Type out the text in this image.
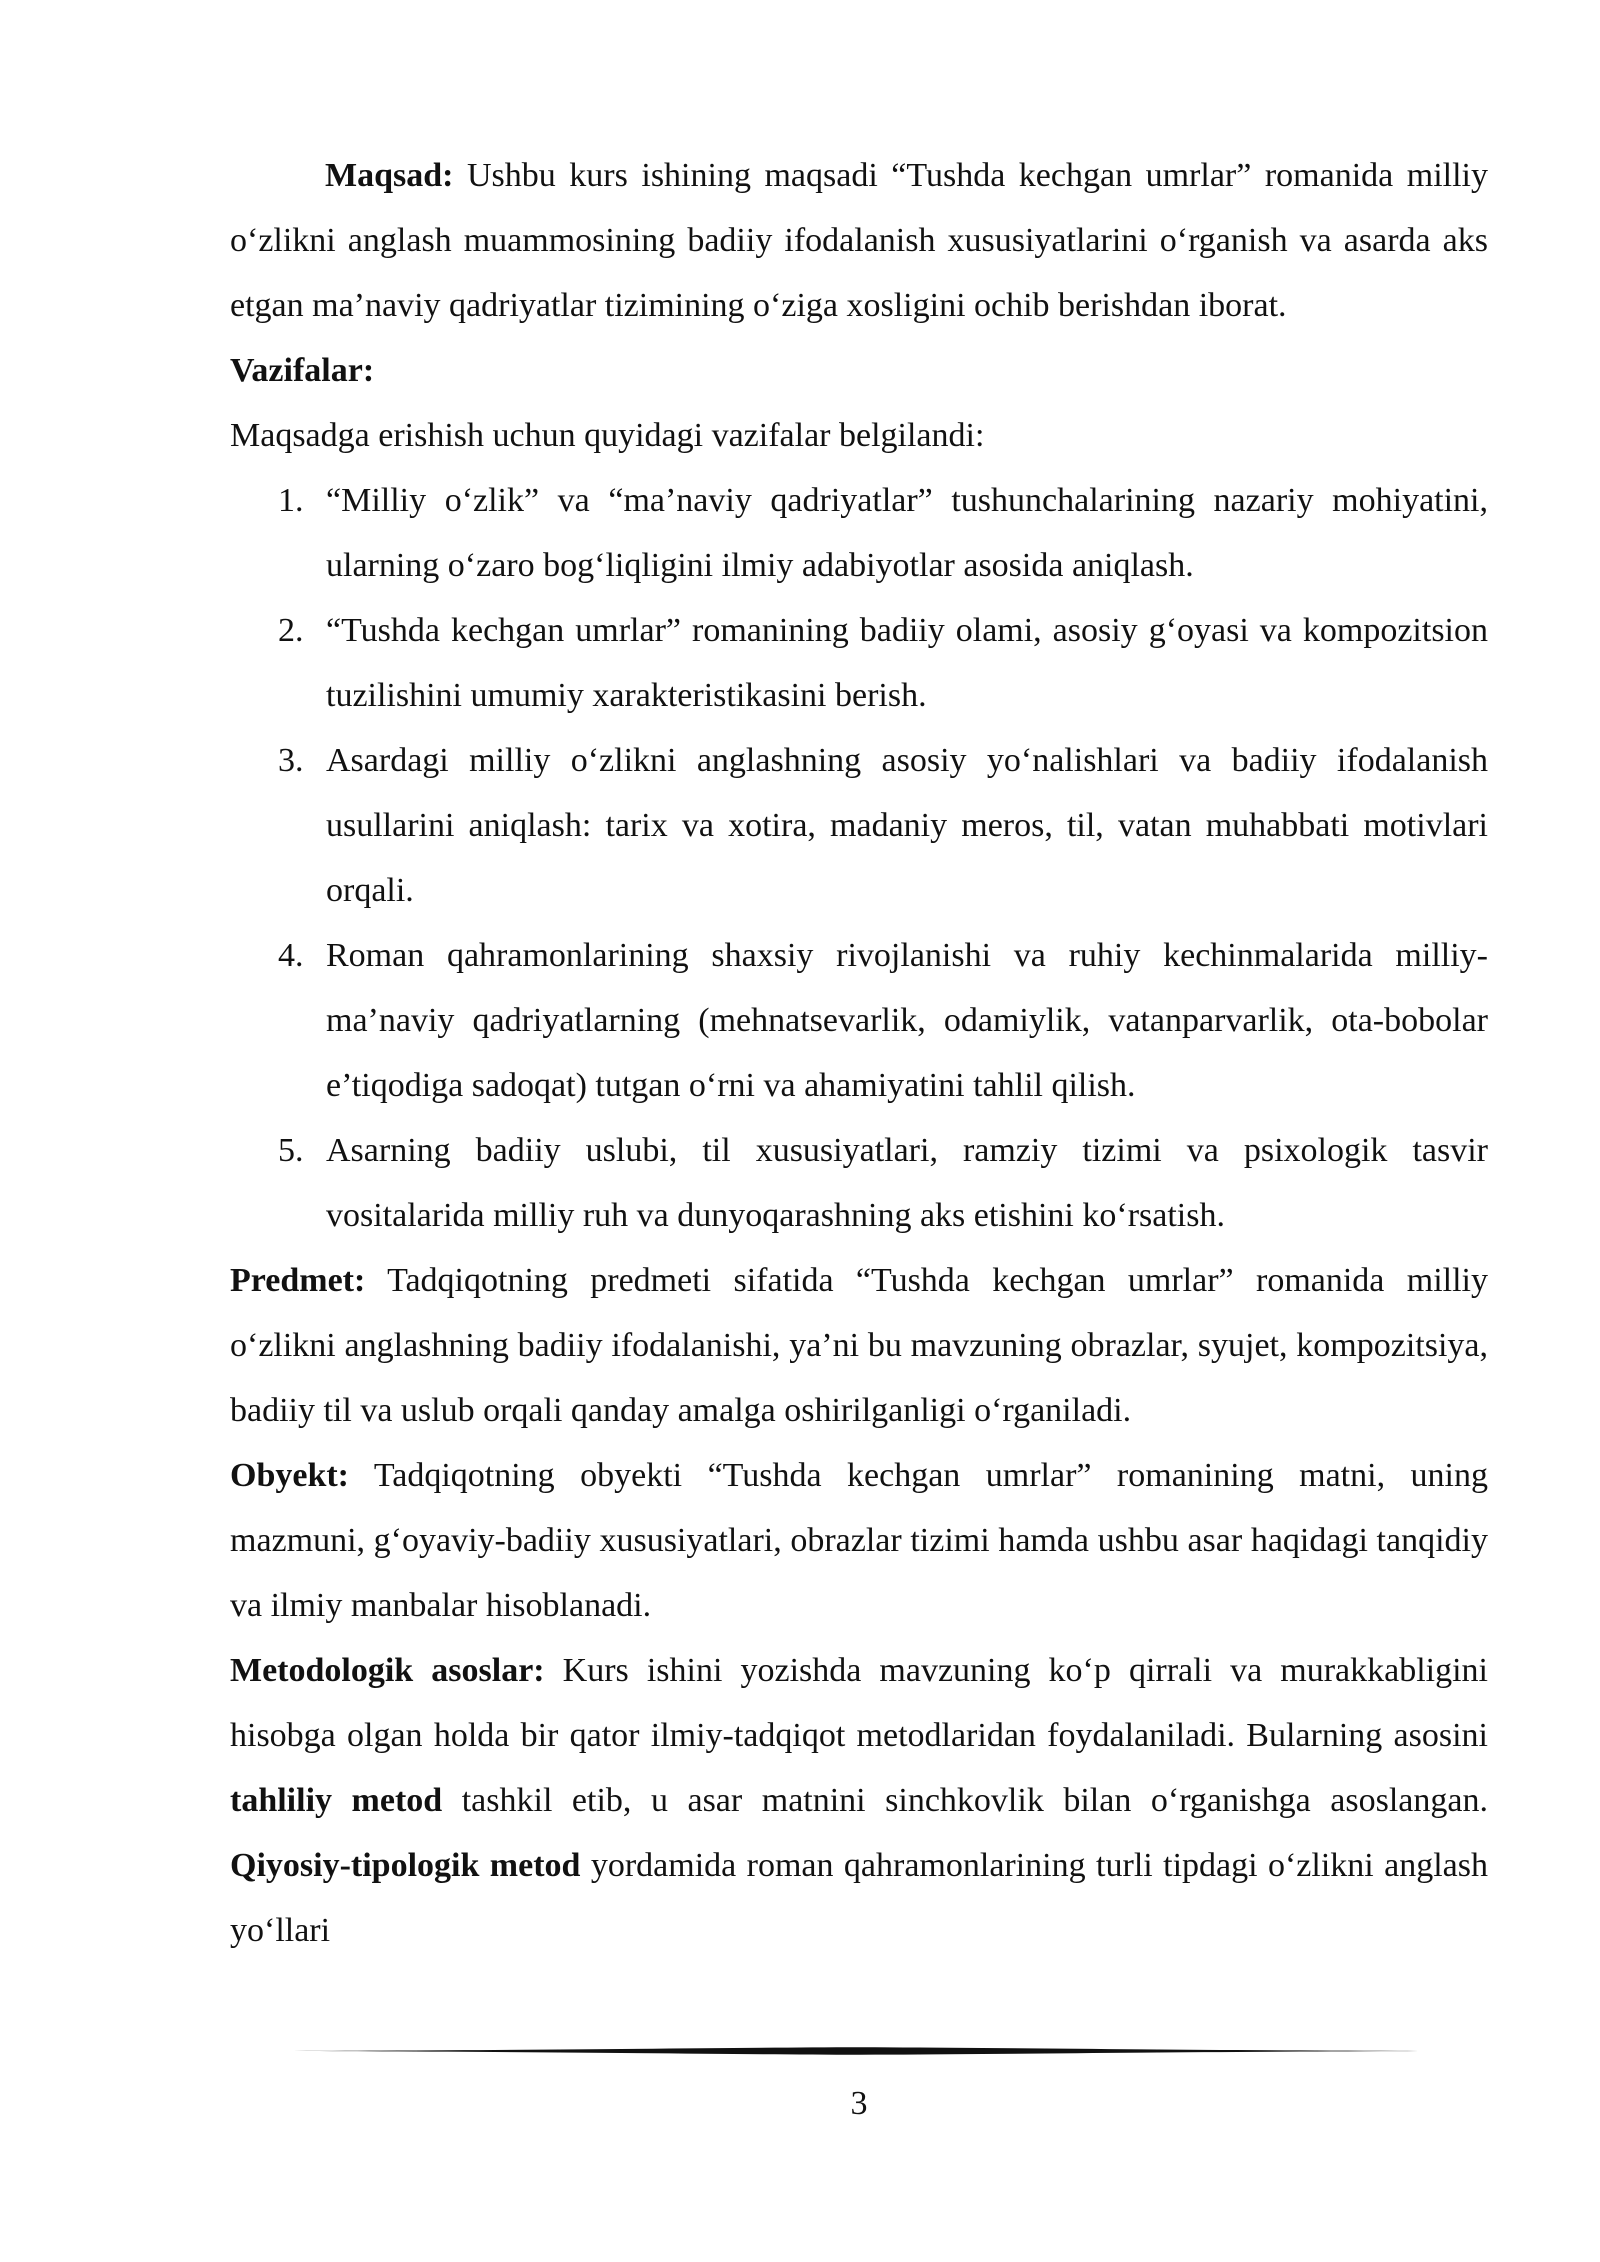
Maqsad: Ushbu kurs ishining maqsadi “Tushda kechgan umrlar” romanida milliy o‘zlikni anglash muammosining badiiy ifodalanish xususiyatlarini o‘rganish va asarda aks etgan ma’naviy qadriyatlar tizimining o‘ziga xosligini ochib berishdan iborat.

Vazifalar:

Maqsadga erishish uchun quyidagi vazifalar belgilandi:

1. “Milliy o‘zlik” va “ma’naviy qadriyatlar” tushunchalarining nazariy mohiyatini, ularning o‘zaro bog‘liqligini ilmiy adabiyotlar asosida aniqlash.
2. “Tushda kechgan umrlar” romanining badiiy olami, asosiy g‘oyasi va kompozitsion tuzilishini umumiy xarakteristikasini berish.
3. Asardagi milliy o‘zlikni anglashning asosiy yo‘nalishlari va badiiy ifodalanish usullarini aniqlash: tarix va xotira, madaniy meros, til, vatan muhabbati motivlari orqali.
4. Roman qahramonlarining shaxsiy rivojlanishi va ruhiy kechinmalarida milliy-ma’naviy qadriyatlarning (mehnatsevarlik, odamiylik, vatanparvarlik, ota-bobolar e’tiqodiga sadoqat) tutgan o‘rni va ahamiyatini tahlil qilish.
5. Asarning badiiy uslubi, til xususiyatlari, ramziy tizimi va psixologik tasvir vositalarida milliy ruh va dunyoqarashning aks etishini ko‘rsatish.

Predmet: Tadqiqotning predmeti sifatida “Tushda kechgan umrlar” romanida milliy o‘zlikni anglashning badiiy ifodalanishi, ya’ni bu mavzuning obrazlar, syujet, kompozitsiya, badiiy til va uslub orqali qanday amalga oshirilganligi o‘rganiladi.

Obyekt: Tadqiqotning obyekti “Tushda kechgan umrlar” romanining matni, uning mazmuni, g‘oyaviy-badiiy xususiyatlari, obrazlar tizimi hamda ushbu asar haqidagi tanqidiy va ilmiy manbalar hisoblanadi.

Metodologik asoslar: Kurs ishini yozishda mavzuning ko‘p qirrali va murakkabligini hisobga olgan holda bir qator ilmiy-tadqiqot metodlaridan foydalaniladi. Bularning asosini tahliliy metod tashkil etib, u asar matnini sinchkovlik bilan o‘rganishga asoslangan. Qiyosiy-tipologik metod yordamida roman qahramonlarining turli tipdagi o‘zlikni anglash yo‘llari

3
